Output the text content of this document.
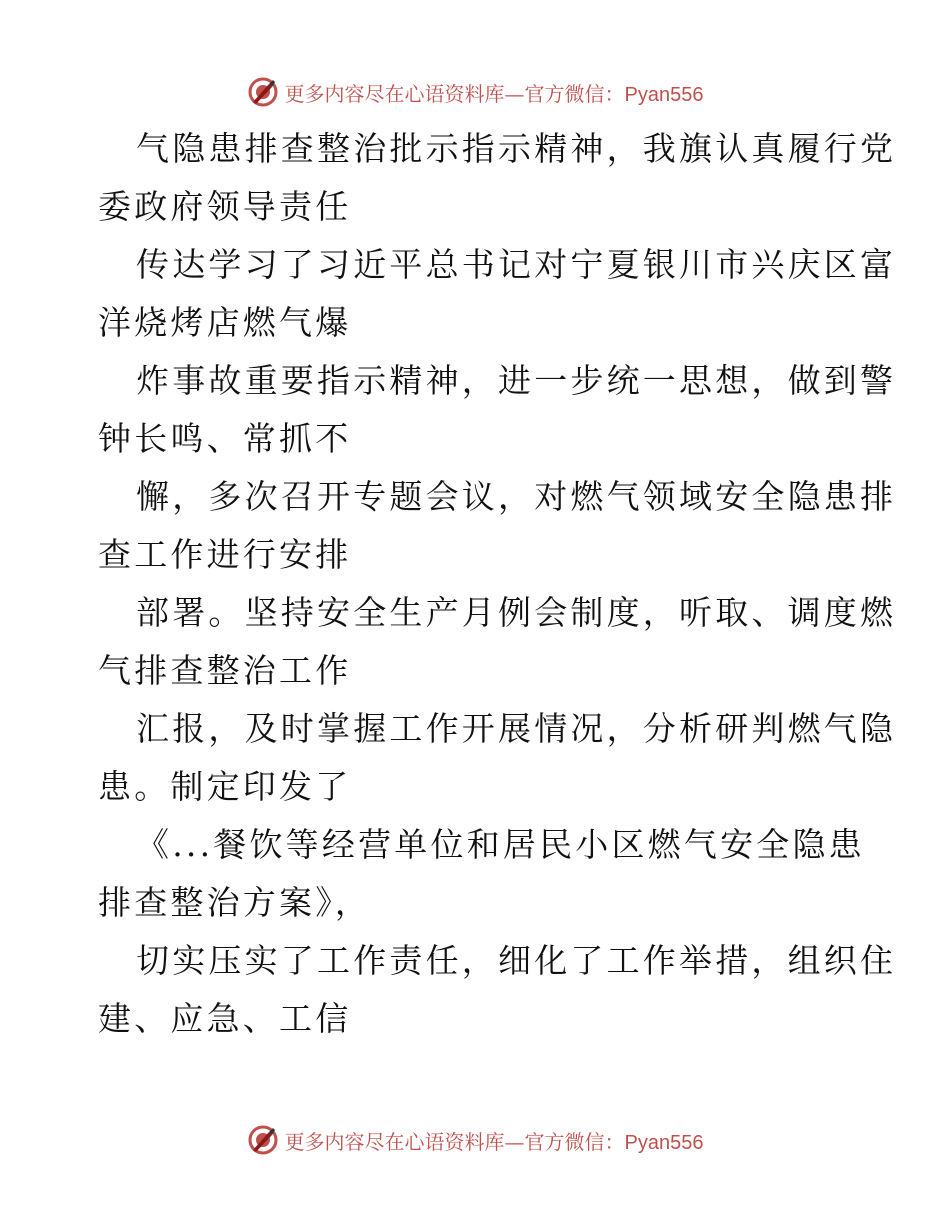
更多内容尽在心语资料库—官方微信：Pyan556
气隐患排查整治批示指示精神，我旗认真履行党
委政府领导责任
传达学习了习近平总书记对宁夏银川市兴庆区富
洋烧烤店燃气爆
炸事故重要指示精神，进一步统一思想，做到警
钟长鸣、常抓不
懈，多次召开专题会议，对燃气领域安全隐患排
查工作进行安排
部署。坚持安全生产月例会制度，听取、调度燃
气排查整治工作
汇报，及时掌握工作开展情况，分析研判燃气隐
患。制定印发了
《...餐饮等经营单位和居民小区燃气安全隐患
排查整治方案》，
切实压实了工作责任，细化了工作举措，组织住
建、应急、工信
更多内容尽在心语资料库—官方微信：Pyan556
